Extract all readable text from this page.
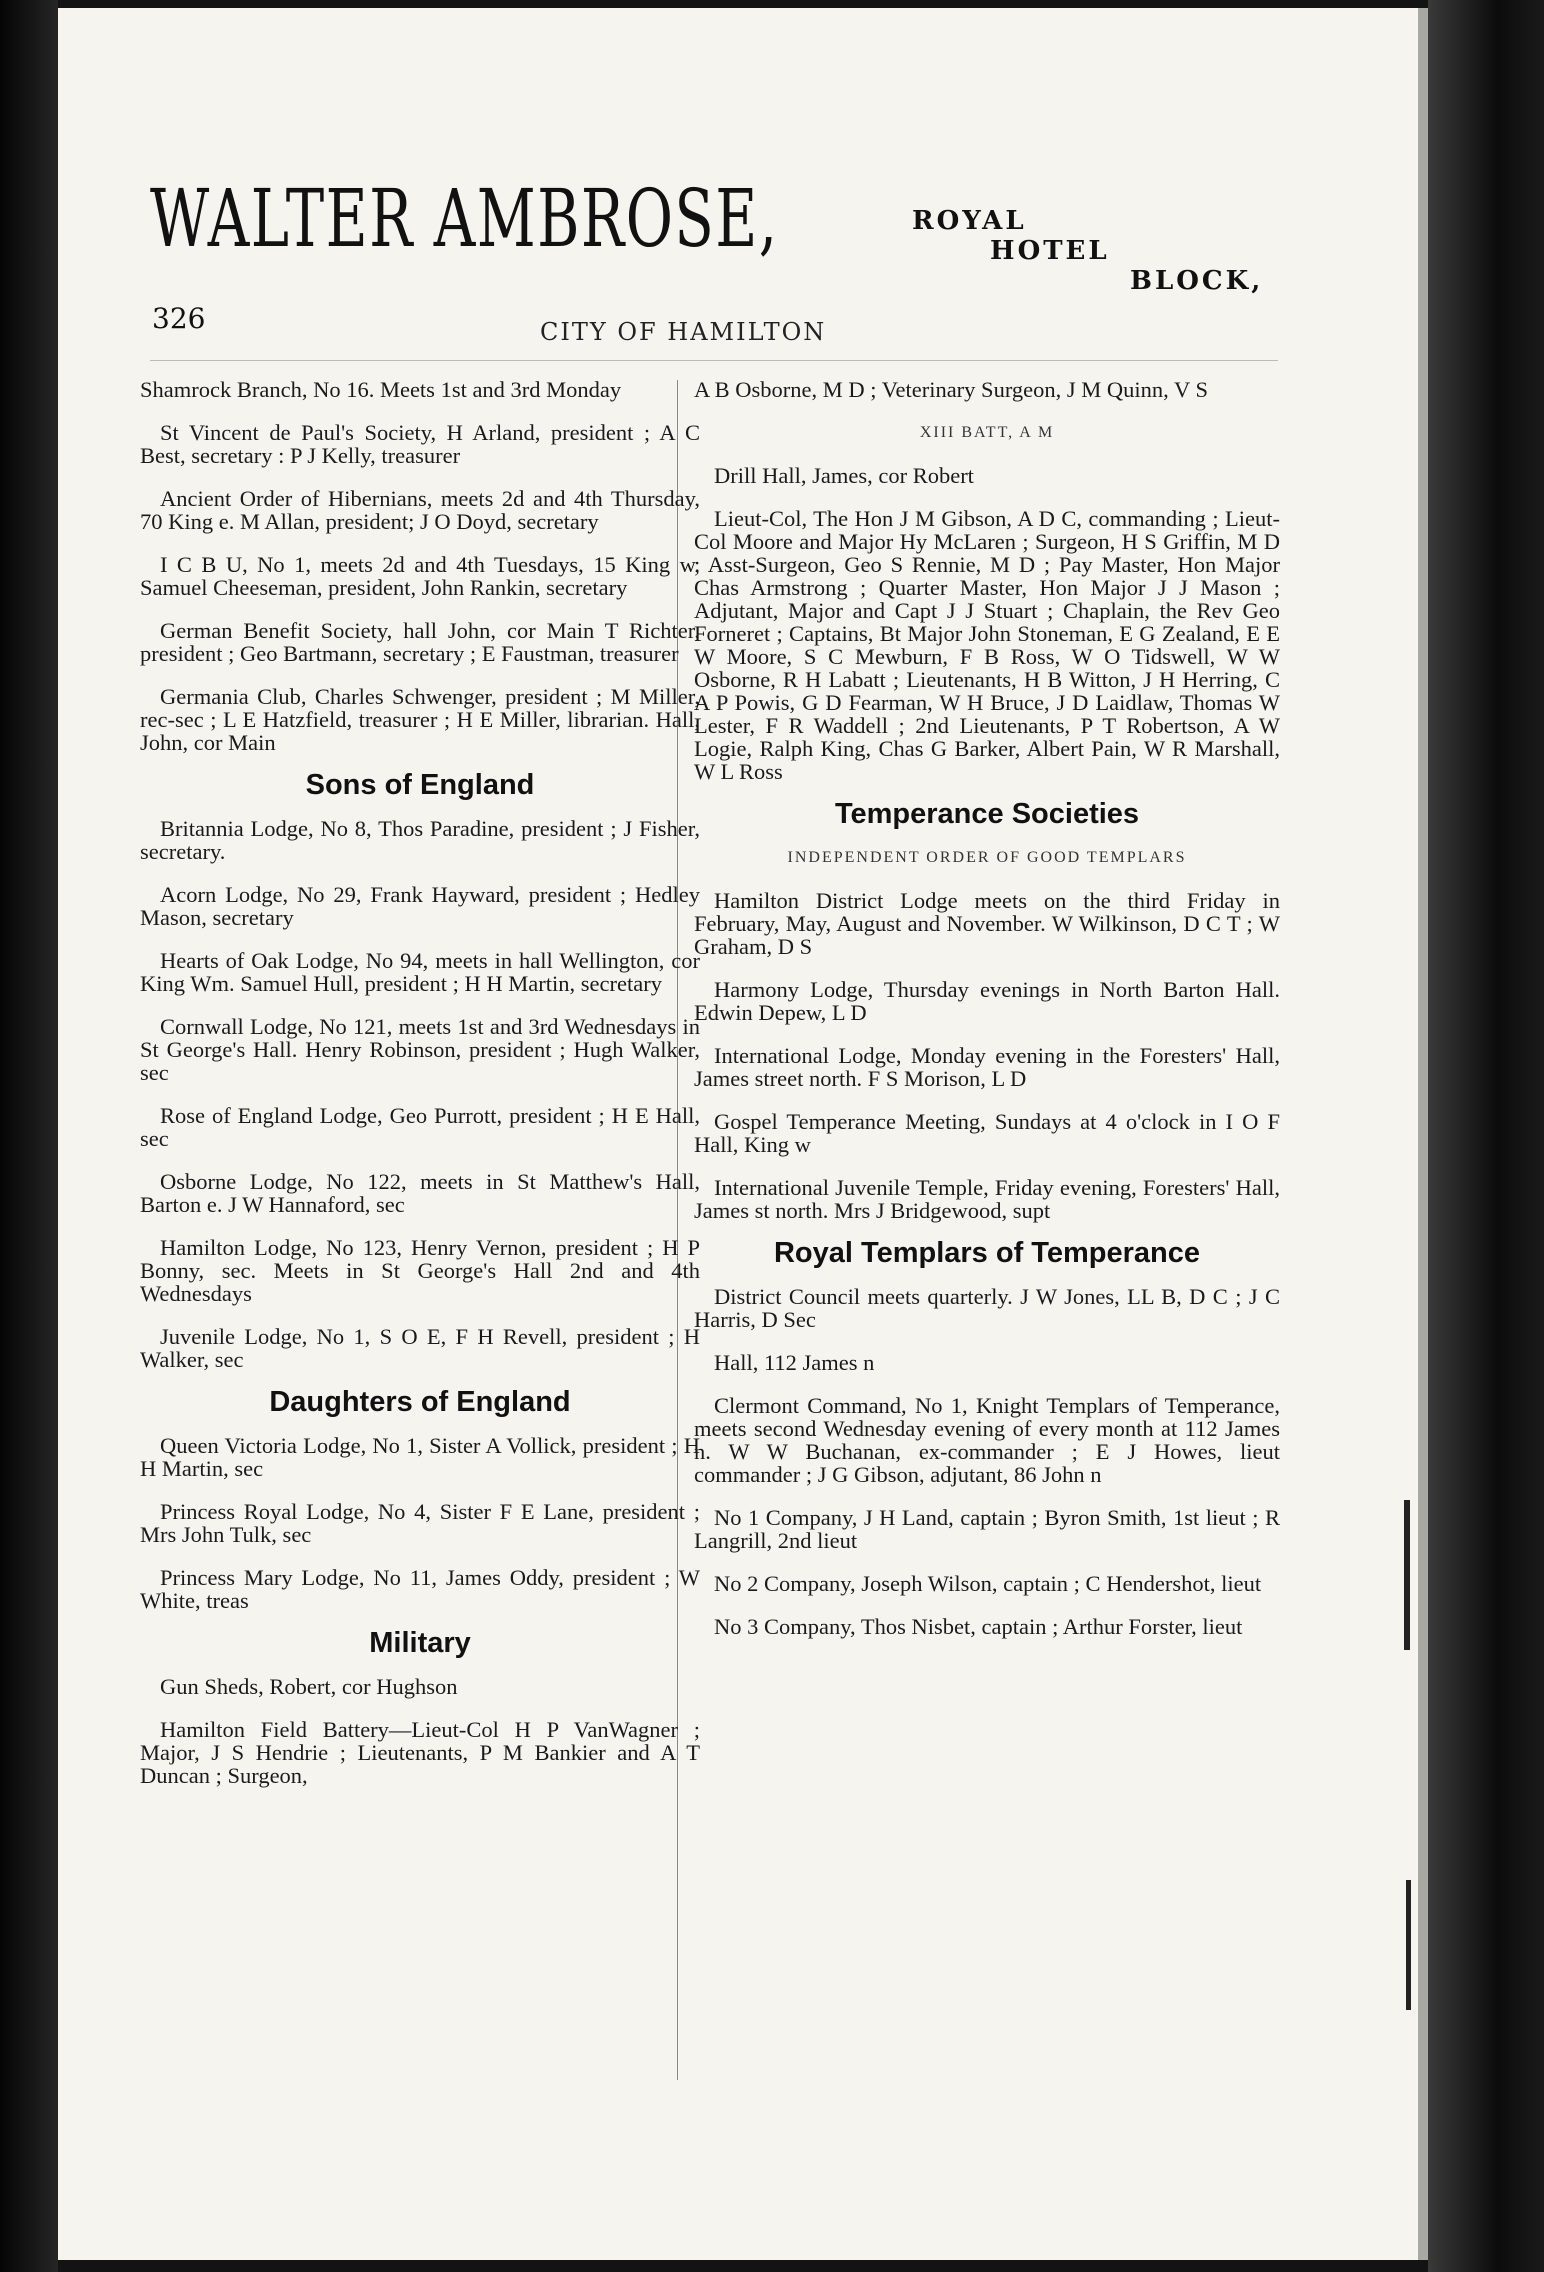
WALTER AMBROSE,	ROYAL
HOTEL
BLOCK,
326	CITY OF HAMILTON
Shamrock Branch, No 16. Meets 1st and 3rd Monday
St Vincent de Paul's Society, H Arland, president ; A C Best, secretary : P J Kelly, treasurer
Ancient Order of Hibernians, meets 2d and 4th Thursday, 70 King e. M Allan, president; J O Doyd, secretary
I C B U, No 1, meets 2d and 4th Tuesdays, 15 King w. Samuel Cheeseman, president, John Rankin, secretary
German Benefit Society, hall John, cor Main T Richter, president ; Geo Bartmann, secretary ; E Faustman, treasurer
Germania Club, Charles Schwenger, president ; M Miller, rec-sec ; L E Hatzfield, treasurer ; H E Miller, librarian. Hall, John, cor Main
Sons of England
Britannia Lodge, No 8, Thos Paradine, president ; J Fisher, secretary.
Acorn Lodge, No 29, Frank Hayward, president ; Hedley Mason, secretary
Hearts of Oak Lodge, No 94, meets in hall Wellington, cor King Wm. Samuel Hull, president ; H H Martin, secretary
Cornwall Lodge, No 121, meets 1st and 3rd Wednesdays in St George's Hall. Henry Robinson, president ; Hugh Walker, sec
Rose of England Lodge, Geo Purrott, president ; H E Hall, sec
Osborne Lodge, No 122, meets in St Matthew's Hall, Barton e. J W Hannaford, sec
Hamilton Lodge, No 123, Henry Vernon, president ; H P Bonny, sec. Meets in St George's Hall 2nd and 4th Wednesdays
Juvenile Lodge, No 1, S O E, F H Revell, president ; H Walker, sec
Daughters of England
Queen Victoria Lodge, No 1, Sister A Vollick, president ; H H Martin, sec
Princess Royal Lodge, No 4, Sister F E Lane, president ; Mrs John Tulk, sec
Princess Mary Lodge, No 11, James Oddy, president ; W White, treas
Military
Gun Sheds, Robert, cor Hughson
Hamilton Field Battery—Lieut-Col H P VanWagner ; Major, J S Hendrie ; Lieutenants, P M Bankier and A T Duncan ; Surgeon,
A B Osborne, M D ; Veterinary Surgeon, J M Quinn, V S
XIII BATT, A M
Drill Hall, James, cor Robert
Lieut-Col, The Hon J M Gibson, A D C, commanding ; Lieut-Col Moore and Major Hy McLaren ; Surgeon, H S Griffin, M D ; Asst-Surgeon, Geo S Rennie, M D ; Pay Master, Hon Major Chas Armstrong ; Quarter Master, Hon Major J J Mason ; Adjutant, Major and Capt J J Stuart ; Chaplain, the Rev Geo Forneret ; Captains, Bt Major John Stoneman, E G Zealand, E E W Moore, S C Mewburn, F B Ross, W O Tidswell, W W Osborne, R H Labatt ; Lieutenants, H B Witton, J H Herring, C A P Powis, G D Fearman, W H Bruce, J D Laidlaw, Thomas W Lester, F R Waddell ; 2nd Lieutenants, P T Robertson, A W Logie, Ralph King, Chas G Barker, Albert Pain, W R Marshall, W L Ross
Temperance Societies
INDEPENDENT ORDER OF GOOD TEMPLARS
Hamilton District Lodge meets on the third Friday in February, May, August and November. W Wilkinson, D C T ; W Graham, D S
Harmony Lodge, Thursday evenings in North Barton Hall. Edwin Depew, L D
International Lodge, Monday evening in the Foresters' Hall, James street north. F S Morison, L D
Gospel Temperance Meeting, Sundays at 4 o'clock in I O F Hall, King w
International Juvenile Temple, Friday evening, Foresters' Hall, James st north. Mrs J Bridgewood, supt
Royal Templars of Temperance
District Council meets quarterly. J W Jones, LL B, D C ; J C Harris, D Sec
Hall, 112 James n
Clermont Command, No 1, Knight Templars of Temperance, meets second Wednesday evening of every month at 112 James n. W W Buchanan, ex-commander ; E J Howes, lieut commander ; J G Gibson, adjutant, 86 John n
No 1 Company, J H Land, captain ; Byron Smith, 1st lieut ; R Langrill, 2nd lieut
No 2 Company, Joseph Wilson, captain ; C Hendershot, lieut
No 3 Company, Thos Nisbet, captain ; Arthur Forster, lieut
